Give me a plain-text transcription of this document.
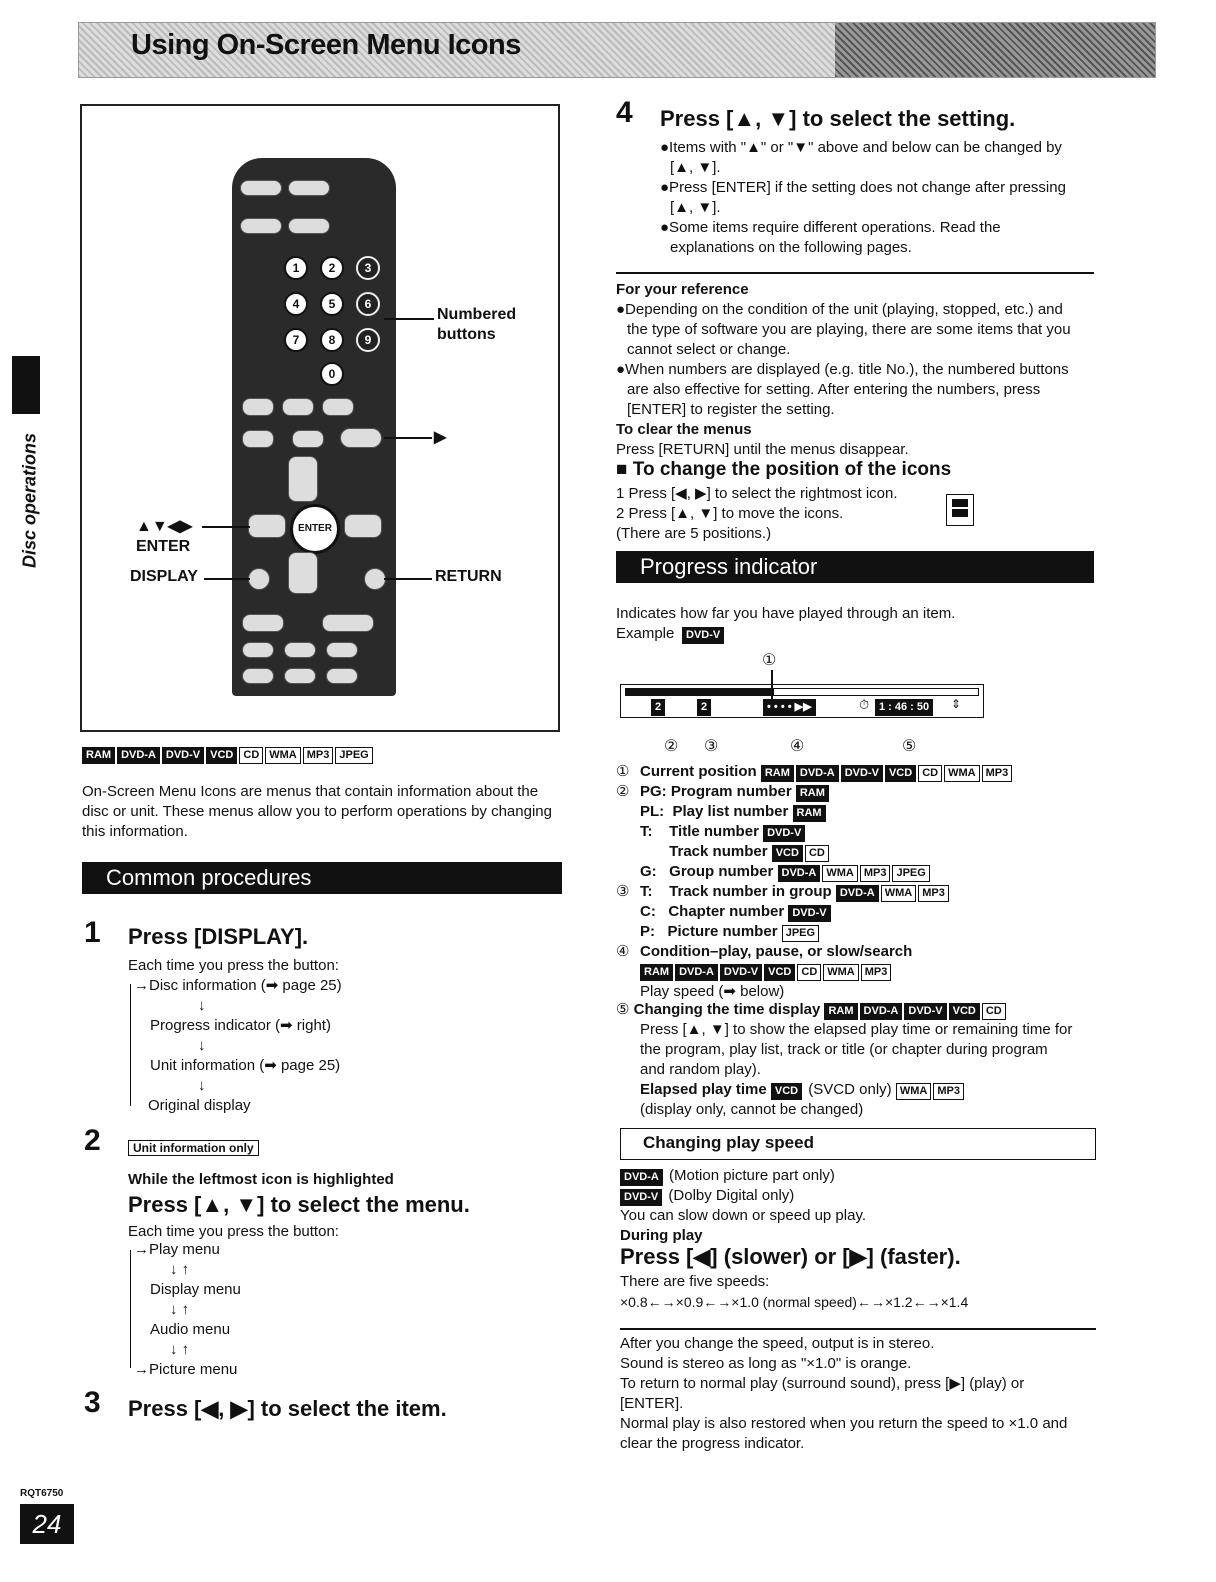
Using On-Screen Menu Icons
Disc operations
1	2	3
4	5	6
7	8	9
0
ENTER
Numbered
buttons
▶
▲▼◀▶
ENTER
DISPLAY	RETURN
RAM DVD-A DVD-V VCD CD WMA MP3 JPEG
On-Screen Menu Icons are menus that contain information about the disc or unit. These menus allow you to perform operations by changing this information.
Common procedures
1 Press [DISPLAY].
Each time you press the button:
→Disc information (➡ page 25)
↓
Progress indicator (➡ right)
↓
Unit information (➡ page 25)
↓
Original display
2	Unit information only
While the leftmost icon is highlighted
Press [▲, ▼] to select the menu.
Each time you press the button:
→Play menu
↓ ↑
Display menu
↓ ↑
Audio menu
↓ ↑
→Picture menu
3 Press [◀, ▶] to select the item.
4 Press [▲, ▼] to select the setting.
●Items with "▲" or "▼" above and below can be changed by
[▲, ▼].
●Press [ENTER] if the setting does not change after pressing
[▲, ▼].
●Some items require different operations. Read the
explanations on the following pages.
For your reference
●Depending on the condition of the unit (playing, stopped, etc.) and
the type of software you are playing, there are some items that you
cannot select or change.
●When numbers are displayed (e.g. title No.), the numbered buttons
are also effective for setting. After entering the numbers, press
[ENTER] to register the setting.
To clear the menus
Press [RETURN] until the menus disappear.
■ To change the position of the icons
1 Press [◀, ▶] to select the rightmost icon.
2 Press [▲, ▼] to move the icons.
(There are 5 positions.)
Progress indicator
Indicates how far you have played through an item.
Example	DVD-V
①
2	2	• • • • ▶▶	⏱ 1 : 46 : 50	⇕
② ③	④	⑤
① Current position RAM DVD-A DVD-V VCD CD WMA MP3
② PG: Program number RAM
PL:  Play list number RAM
T:    Title number DVD-V
Track number VCD CD
G:   Group number DVD-A WMA MP3 JPEG
③ T:    Track number in group DVD-A WMA MP3
C:   Chapter number DVD-V
P:   Picture number JPEG
④ Condition–play, pause, or slow/search
RAM DVD-A DVD-V VCD CD WMA MP3
Play speed (➡ below)
⑤ Changing the time display RAM DVD-A DVD-V VCD CD
Press [▲, ▼] to show the elapsed play time or remaining time for
the program, play list, track or title (or chapter during program
and random play).
Elapsed play time VCD (SVCD only) WMA MP3
(display only, cannot be changed)
Changing play speed
DVD-A (Motion picture part only)
DVD-V (Dolby Digital only)
You can slow down or speed up play.
During play
Press [◀] (slower) or [▶] (faster).
There are five speeds:
×0.8←→×0.9←→×1.0 (normal speed)←→×1.2←→×1.4
After you change the speed, output is in stereo.
Sound is stereo as long as "×1.0" is orange.
To return to normal play (surround sound), press [▶] (play) or
[ENTER].
Normal play is also restored when you return the speed to ×1.0 and
clear the progress indicator.
RQT6750
24
